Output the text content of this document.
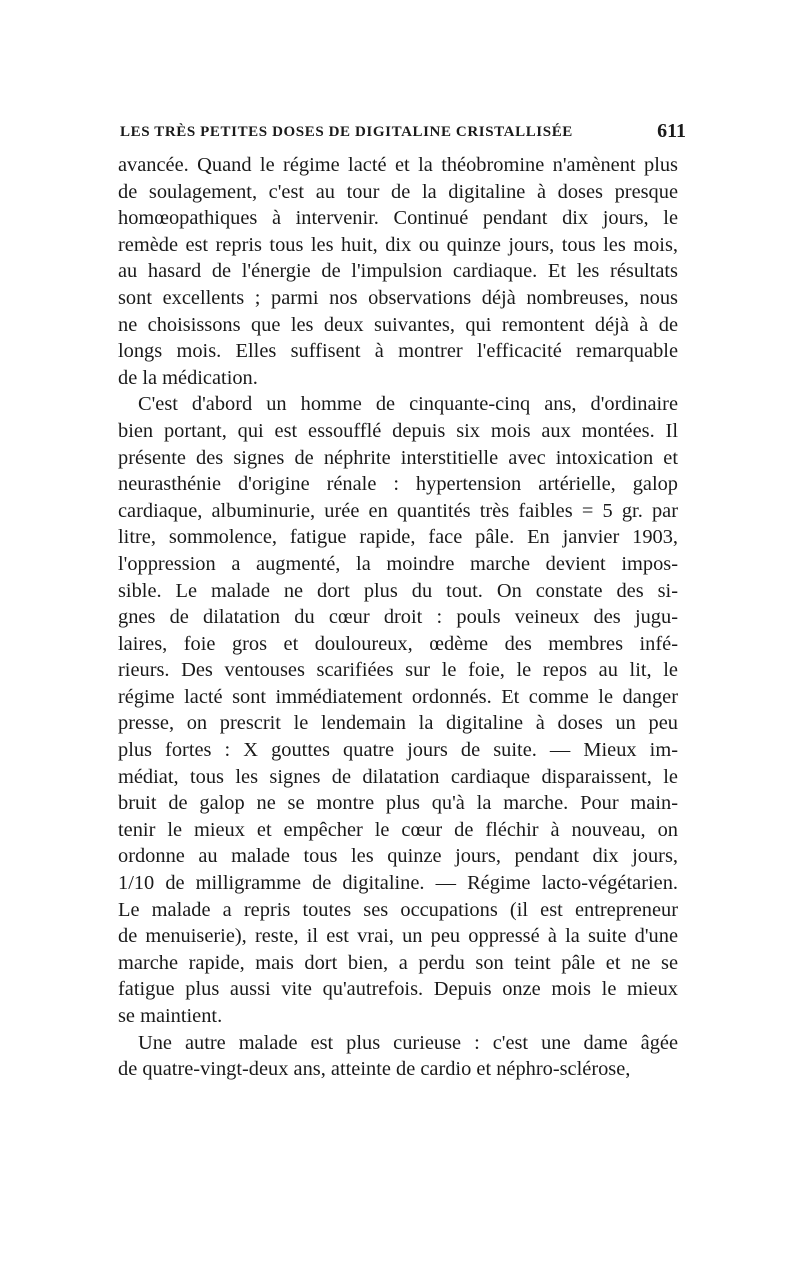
LES TRÈS PETITES DOSES DE DIGITALINE CRISTALLISÉE	611

avancée. Quand le régime lacté et la théobromine n'amènent plus
de soulagement, c'est au tour de la digitaline à doses presque
homœopathiques à intervenir. Continué pendant dix jours, le
remède est repris tous les huit, dix ou quinze jours, tous les mois,
au hasard de l'énergie de l'impulsion cardiaque. Et les résultats
sont excellents ; parmi nos observations déjà nombreuses, nous
ne choisissons que les deux suivantes, qui remontent déjà à de
longs mois. Elles suffisent à montrer l'efficacité remarquable
de la médication.

C'est d'abord un homme de cinquante-cinq ans, d'ordinaire
bien portant, qui est essoufflé depuis six mois aux montées. Il
présente des signes de néphrite interstitielle avec intoxication et
neurasthénie d'origine rénale : hypertension artérielle, galop
cardiaque, albuminurie, urée en quantités très faibles = 5 gr. par
litre, sommolence, fatigue rapide, face pâle. En janvier 1903,
l'oppression a augmenté, la moindre marche devient impos-
sible. Le malade ne dort plus du tout. On constate des si-
gnes de dilatation du cœur droit : pouls veineux des jugu-
laires, foie gros et douloureux, œdème des membres infé-
rieurs. Des ventouses scarifiées sur le foie, le repos au lit, le
régime lacté sont immédiatement ordonnés. Et comme le danger
presse, on prescrit le lendemain la digitaline à doses un peu
plus fortes : X gouttes quatre jours de suite. — Mieux im-
médiat, tous les signes de dilatation cardiaque disparaissent, le
bruit de galop ne se montre plus qu'à la marche. Pour main-
tenir le mieux et empêcher le cœur de fléchir à nouveau, on
ordonne au malade tous les quinze jours, pendant dix jours,
1/10 de milligramme de digitaline. — Régime lacto-végétarien.
Le malade a repris toutes ses occupations (il est entrepreneur
de menuiserie), reste, il est vrai, un peu oppressé à la suite d'une
marche rapide, mais dort bien, a perdu son teint pâle et ne se
fatigue plus aussi vite qu'autrefois. Depuis onze mois le mieux
se maintient.

Une autre malade est plus curieuse : c'est une dame âgée
de quatre-vingt-deux ans, atteinte de cardio et néphro-sclérose,
